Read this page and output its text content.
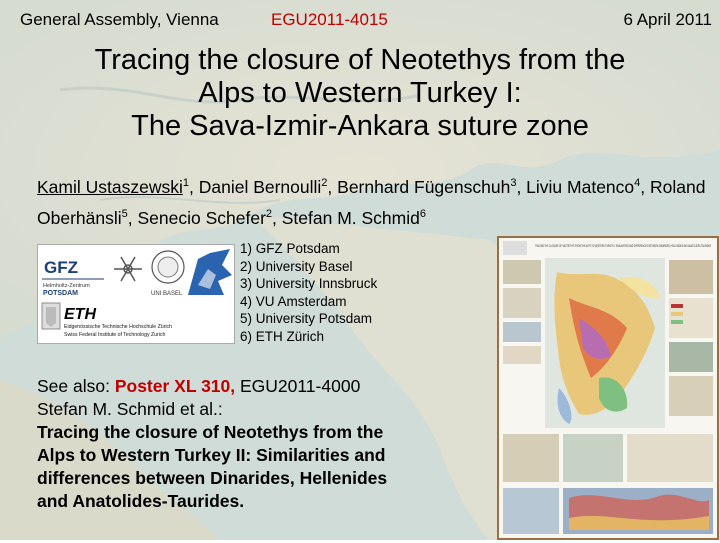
General Assembly, Vienna	EGU2011-4015	6 April 2011
Tracing the closure of Neotethys from the
Alps to Western Turkey I:
The Sava-Izmir-Ankara suture zone
Kamil Ustaszewski$^1$, Daniel Bernoulli$^2$, Bernhard Fügenschuh$^3$, Liviu Matenco$^4$, Roland Oberhänsli$^5$, Senecio Schefer$^2$, Stefan M. Schmid$^6$
GFZ
Helmholtz-Zentrum
POTSDAM	UNI BASEL
ETH
Eidgenössische Technische Hochschule Zürich
Swiss Federal Institute of Technology Zurich
1) GFZ Potsdam
2) University Basel
3) University Innsbruck
4) VU Amsterdam
5) University Potsdam
6) ETH Zürich
See also: Poster XL 310, EGU2011-4000
Stefan M. Schmid et al.:
Tracing the closure of Neotethys from the
Alps to Western Turkey II: Similarities and
differences between Dinarides, Hellenides
and Anatolides-Taurides.
TRACING THE CLOSURE OF NEOTETHYS FROM THE ALPS TO WESTERN TURKEY II: SIMILARITIES AND DIFFERENCES BETWEEN DINARIDES, HELLENIDES AND ANATOLIDES-TAURIDES
